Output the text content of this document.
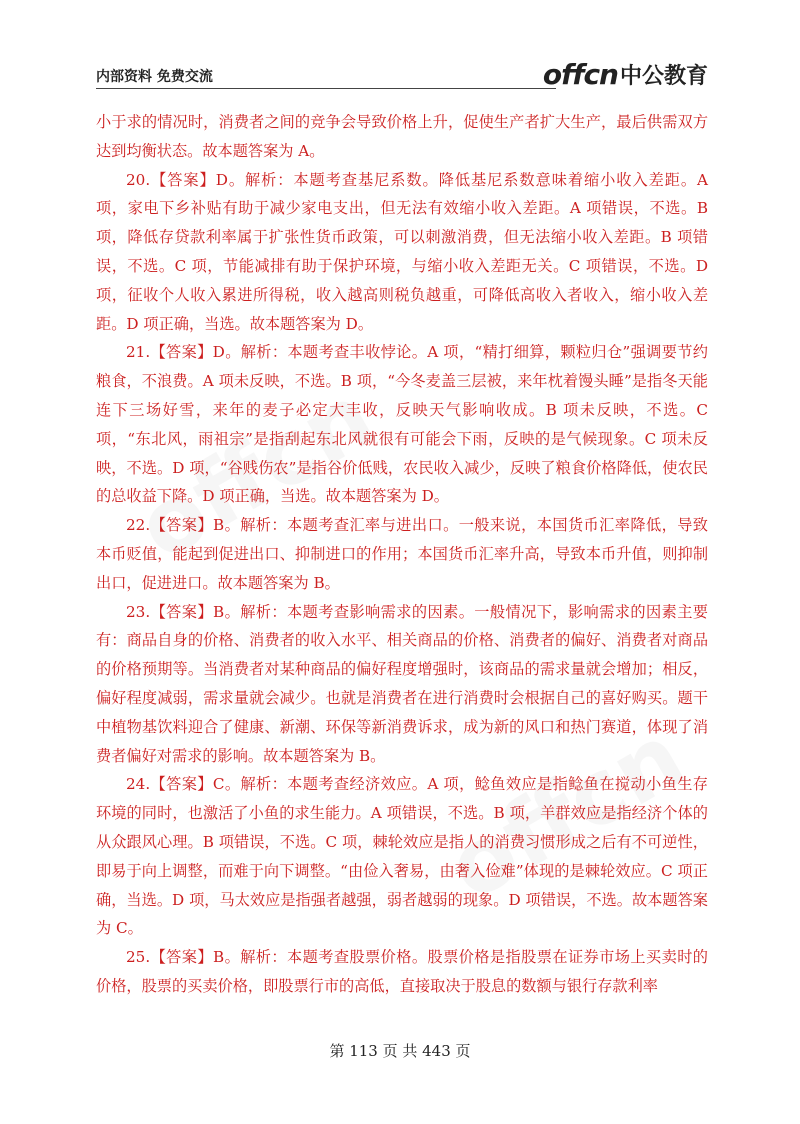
内部资料 免费交流	offcn 中公教育

小于求的情况时，消费者之间的竞争会导致价格上升，促使生产者扩大生产，最后供需双方达到均衡状态。故本题答案为 A。

20.【答案】D。解析：本题考查基尼系数。降低基尼系数意味着缩小收入差距。A 项，家电下乡补贴有助于减少家电支出，但无法有效缩小收入差距。A 项错误，不选。B 项，降低存贷款利率属于扩张性货币政策，可以刺激消费，但无法缩小收入差距。B 项错误，不选。C 项，节能减排有助于保护环境，与缩小收入差距无关。C 项错误，不选。D 项，征收个人收入累进所得税，收入越高则税负越重，可降低高收入者收入，缩小收入差距。D 项正确，当选。故本题答案为 D。

21.【答案】D。解析：本题考查丰收悖论。A 项，“精打细算，颗粒归仓”强调要节约粮食，不浪费。A 项未反映，不选。B 项，“今冬麦盖三层被，来年枕着馒头睡”是指冬天能连下三场好雪，来年的麦子必定大丰收，反映天气影响收成。B 项未反映，不选。C 项，“东北风，雨祖宗”是指刮起东北风就很有可能会下雨，反映的是气候现象。C 项未反映，不选。D 项，“谷贱伤农”是指谷价低贱，农民收入减少，反映了粮食价格降低，使农民的总收益下降。D 项正确，当选。故本题答案为 D。

22.【答案】B。解析：本题考查汇率与进出口。一般来说，本国货币汇率降低，导致本币贬值，能起到促进出口、抑制进口的作用；本国货币汇率升高，导致本币升值，则抑制出口，促进进口。故本题答案为 B。

23.【答案】B。解析：本题考查影响需求的因素。一般情况下，影响需求的因素主要有：商品自身的价格、消费者的收入水平、相关商品的价格、消费者的偏好、消费者对商品的价格预期等。当消费者对某种商品的偏好程度增强时，该商品的需求量就会增加；相反，偏好程度减弱，需求量就会减少。也就是消费者在进行消费时会根据自己的喜好购买。题干中植物基饮料迎合了健康、新潮、环保等新消费诉求，成为新的风口和热门赛道，体现了消费者偏好对需求的影响。故本题答案为 B。

24.【答案】C。解析：本题考查经济效应。A 项，鲶鱼效应是指鲶鱼在搅动小鱼生存环境的同时，也激活了小鱼的求生能力。A 项错误，不选。B 项，羊群效应是指经济个体的从众跟风心理。B 项错误，不选。C 项，棘轮效应是指人的消费习惯形成之后有不可逆性，即易于向上调整，而难于向下调整。“由俭入奢易，由奢入俭难”体现的是棘轮效应。C 项正确，当选。D 项，马太效应是指强者越强，弱者越弱的现象。D 项错误，不选。故本题答案为 C。

25.【答案】B。解析：本题考查股票价格。股票价格是指股票在证券市场上买卖时的价格，股票的买卖价格，即股票行市的高低，直接取决于股息的数额与银行存款利率

第 113 页 共 443 页
